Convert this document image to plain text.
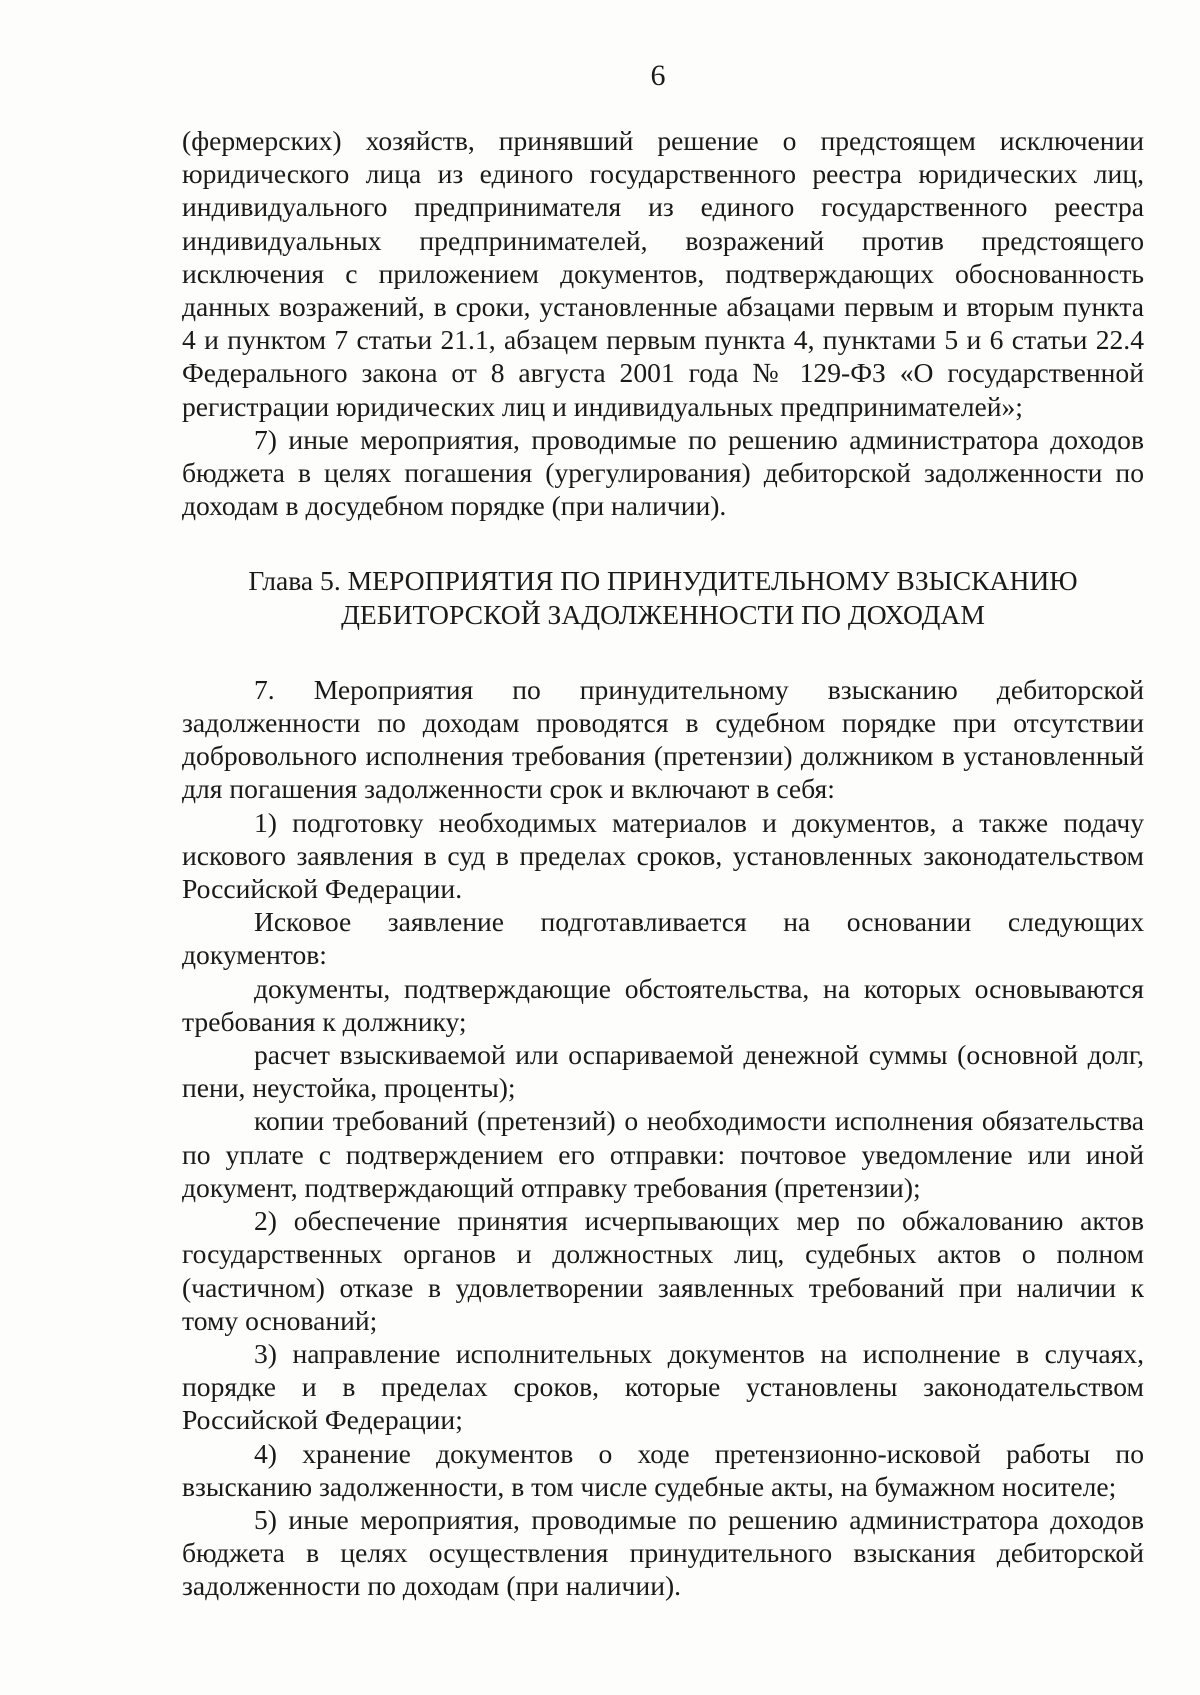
6

(фермерских) хозяйств, принявший решение о предстоящем исключении юридического лица из единого государственного реестра юридических лиц, индивидуального предпринимателя из единого государственного реестра индивидуальных предпринимателей, возражений против предстоящего исключения с приложением документов, подтверждающих обоснованность данных возражений, в сроки, установленные абзацами первым и вторым пункта 4 и пунктом 7 статьи 21.1, абзацем первым пункта 4, пунктами 5 и 6 статьи 22.4 Федерального закона от 8 августа 2001 года № 129-ФЗ «О государственной регистрации юридических лиц и индивидуальных предпринимателей»;

7) иные мероприятия, проводимые по решению администратора доходов бюджета в целях погашения (урегулирования) дебиторской задолженности по доходам в досудебном порядке (при наличии).

Глава 5. МЕРОПРИЯТИЯ ПО ПРИНУДИТЕЛЬНОМУ ВЗЫСКАНИЮ
ДЕБИТОРСКОЙ ЗАДОЛЖЕННОСТИ ПО ДОХОДАМ

7. Мероприятия по принудительному взысканию дебиторской задолженности по доходам проводятся в судебном порядке при отсутствии добровольного исполнения требования (претензии) должником в установленный для погашения задолженности срок и включают в себя:

1) подготовку необходимых материалов и документов, а также подачу искового заявления в суд в пределах сроков, установленных законодательством Российской Федерации.

Исковое заявление подготавливается на основании следующих документов:

документы, подтверждающие обстоятельства, на которых основываются требования к должнику;

расчет взыскиваемой или оспариваемой денежной суммы (основной долг, пени, неустойка, проценты);

копии требований (претензий) о необходимости исполнения обязательства по уплате с подтверждением его отправки: почтовое уведомление или иной документ, подтверждающий отправку требования (претензии);

2) обеспечение принятия исчерпывающих мер по обжалованию актов государственных органов и должностных лиц, судебных актов о полном (частичном) отказе в удовлетворении заявленных требований при наличии к тому оснований;

3) направление исполнительных документов на исполнение в случаях, порядке и в пределах сроков, которые установлены законодательством Российской Федерации;

4) хранение документов о ходе претензионно-исковой работы по взысканию задолженности, в том числе судебные акты, на бумажном носителе;

5) иные мероприятия, проводимые по решению администратора доходов бюджета в целях осуществления принудительного взыскания дебиторской задолженности по доходам (при наличии).
